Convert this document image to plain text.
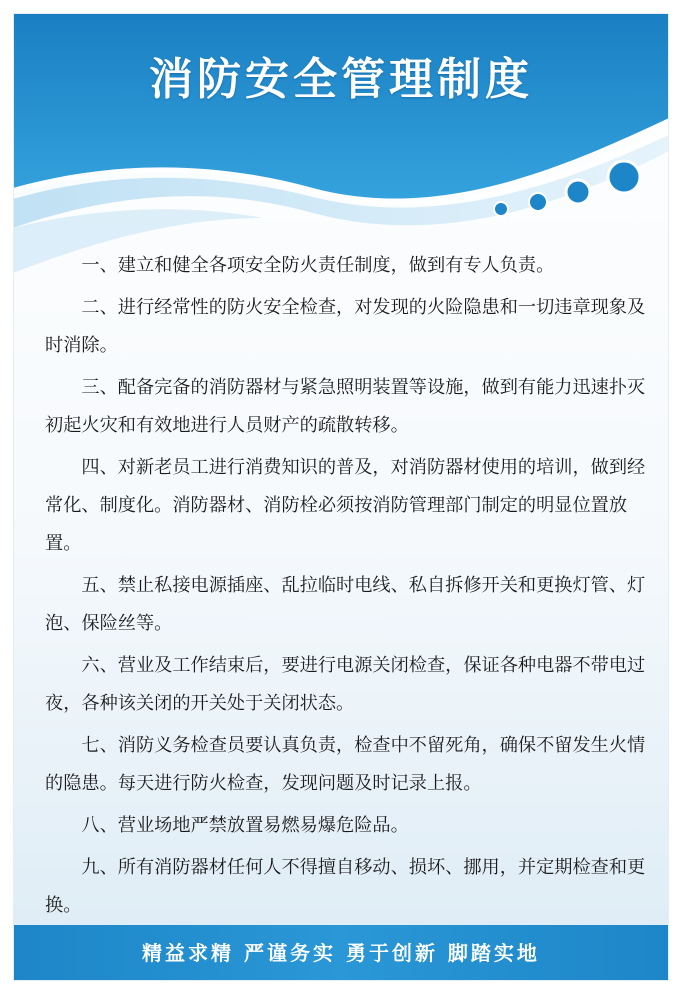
消防安全管理制度

一、建立和健全各项安全防火责任制度，做到有专人负责。

二、进行经常性的防火安全检查，对发现的火险隐患和一切违章现象及时消除。

三、配备完备的消防器材与紧急照明装置等设施，做到有能力迅速扑灭初起火灾和有效地进行人员财产的疏散转移。

四、对新老员工进行消费知识的普及，对消防器材使用的培训，做到经常化、制度化。消防器材、消防栓必须按消防管理部门制定的明显位置放置。

五、禁止私接电源插座、乱拉临时电线、私自拆修开关和更换灯管、灯泡、保险丝等。

六、营业及工作结束后，要进行电源关闭检查，保证各种电器不带电过夜，各种该关闭的开关处于关闭状态。

七、消防义务检查员要认真负责，检查中不留死角，确保不留发生火情的隐患。每天进行防火检查，发现问题及时记录上报。

八、营业场地严禁放置易燃易爆危险品。

九、所有消防器材任何人不得擅自移动、损坏、挪用，并定期检查和更换。

精益求精 严谨务实 勇于创新 脚踏实地
